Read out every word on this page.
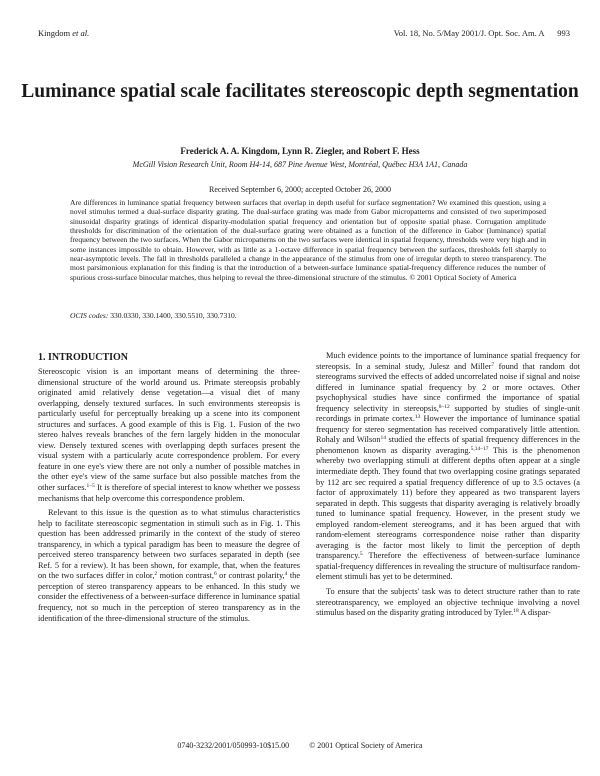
Kingdom et al.	Vol. 18, No. 5/May 2001/J. Opt. Soc. Am. A 993
Luminance spatial scale facilitates stereoscopic depth segmentation
Frederick A. A. Kingdom, Lynn R. Ziegler, and Robert F. Hess
McGill Vision Research Unit, Room H4-14, 687 Pine Avenue West, Montréal, Québec H3A 1A1, Canada
Received September 6, 2000; accepted October 26, 2000
Are differences in luminance spatial frequency between surfaces that overlap in depth useful for surface segmentation? We examined this question, using a novel stimulus termed a dual-surface disparity grating. The dual-surface grating was made from Gabor micropatterns and consisted of two superimposed sinusoidal disparity gratings of identical disparity-modulation spatial frequency and orientation but of opposite spatial phase. Corrugation amplitude thresholds for discrimination of the orientation of the dual-surface grating were obtained as a function of the difference in Gabor (luminance) spatial frequency between the two surfaces. When the Gabor micropatterns on the two surfaces were identical in spatial frequency, thresholds were very high and in some instances impossible to obtain. However, with as little as a 1-octave difference in spatial frequency between the surfaces, thresholds fell sharply to near-asymptotic levels. The fall in thresholds paralleled a change in the appearance of the stimulus from one of irregular depth to stereo transparency. The most parsimonious explanation for this finding is that the introduction of a between-surface luminance spatial-frequency difference reduces the number of spurious cross-surface binocular matches, thus helping to reveal the three-dimensional structure of the stimulus. © 2001 Optical Society of America
OCIS codes: 330.0330, 330.1400, 330.5510, 330.7310.
1. INTRODUCTION

Stereoscopic vision is an important means of determining the three-dimensional structure of the world around us. Primate stereopsis probably originated amid relatively dense vegetation—a visual diet of many overlapping, densely textured surfaces. In such environments stereopsis is particularly useful for perceptually breaking up a scene into its component structures and surfaces. A good example of this is Fig. 1. Fusion of the two stereo halves reveals branches of the fern largely hidden in the monocular view. Densely textured scenes with overlapping depth surfaces present the visual system with a particularly acute correspondence problem. For every feature in one eye's view there are not only a number of possible matches in the other eye's view of the same surface but also possible matches from the other surfaces.$^{1-5}$ It is therefore of special interest to know whether we possess mechanisms that help overcome this correspondence problem.

Relevant to this issue is the question as to what stimulus characteristics help to facilitate stereoscopic segmentation in stimuli such as in Fig. 1. This question has been addressed primarily in the context of the study of stereo transparency, in which a typical paradigm has been to measure the degree of perceived stereo transparency between two surfaces separated in depth (see Ref. 5 for a review). It has been shown, for example, that, when the features on the two surfaces differ in color,$^2$ motion contrast,$^6$ or contrast polarity,$^4$ the perception of stereo transparency appears to be enhanced. In this study we consider the effectiveness of a between-surface difference in luminance spatial frequency, not so much in the perception of stereo transparency as in the identification of the three-dimensional structure of the stimulus.

Much evidence points to the importance of luminance spatial frequency for stereopsis. In a seminal study, Julesz and Miller$^7$ found that random dot stereograms survived the effects of added uncorrelated noise if signal and noise differed in luminance spatial frequency by 2 or more octaves. Other psychophysical studies have since confirmed the importance of spatial frequency selectivity in stereopsis,$^{8-12}$ supported by studies of single-unit recordings in primate cortex.$^{13}$ However the importance of luminance spatial frequency for stereo segmentation has received comparatively little attention. Rohaly and Wilson$^{14}$ studied the effects of spatial frequency differences in the phenomenon known as disparity averaging.$^{5,14-17}$ This is the phenomenon whereby two overlapping stimuli at different depths often appear at a single intermediate depth. They found that two overlapping cosine gratings separated by 112 arc sec required a spatial frequency difference of up to 3.5 octaves (a factor of approximately 11) before they appeared as two transparent layers separated in depth. This suggests that disparity averaging is relatively broadly tuned to luminance spatial frequency. However, in the present study we employed random-element stereograms, and it has been argued that with random-element stereograms correspondence noise rather than disparity averaging is the factor most likely to limit the perception of depth transparency.$^5$ Therefore the effectiveness of between-surface luminance spatial-frequency differences in revealing the structure of multisurface random-element stimuli has yet to be determined.

To ensure that the subjects' task was to detect structure rather than to rate stereotransparency, we employed an objective technique involving a novel stimulus based on the disparity grating introduced by Tyler.$^{18}$ A dispar-

0740-3232/2001/050993-10$15.00	© 2001 Optical Society of America
